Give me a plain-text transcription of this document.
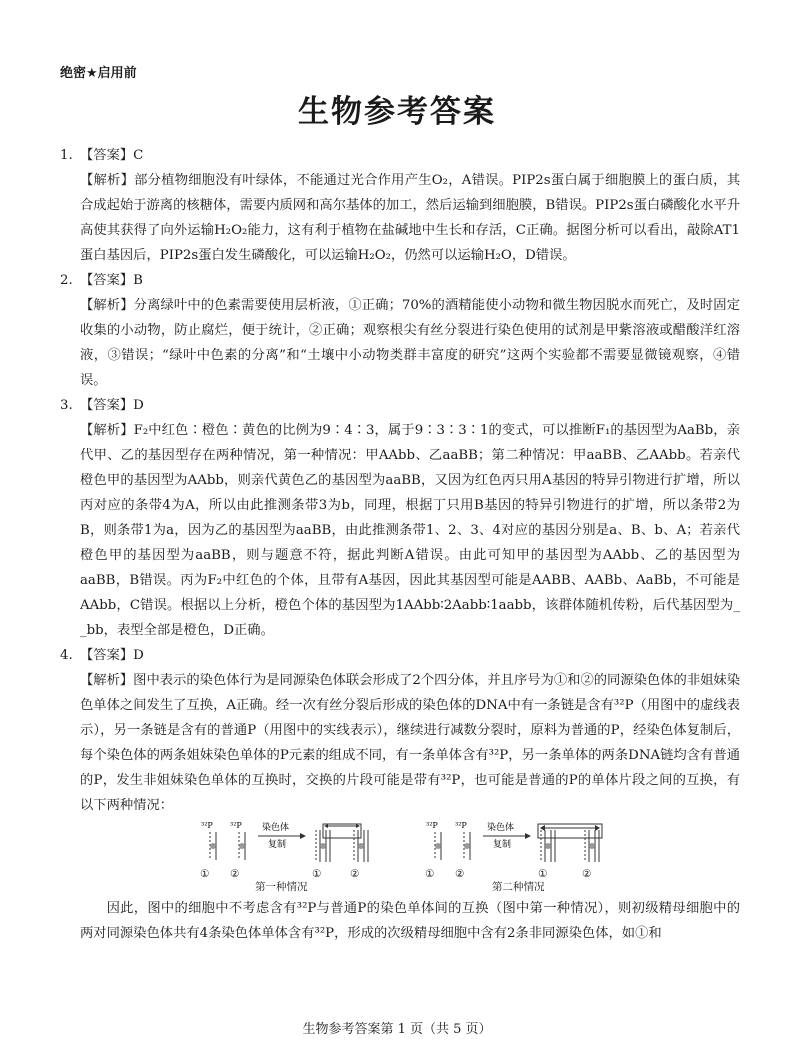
绝密★启用前
生物参考答案
1. 【答案】C
【解析】部分植物细胞没有叶绿体，不能通过光合作用产生O₂，A错误。PIP2s蛋白属于细胞膜上的蛋白质，其合成起始于游离的核糖体，需要内质网和高尔基体的加工，然后运输到细胞膜，B错误。PIP2s蛋白磷酸化水平升高使其获得了向外运输H₂O₂能力，这有利于植物在盐碱地中生长和存活，C正确。据图分析可以看出，敲除AT1蛋白基因后，PIP2s蛋白发生磷酸化，可以运输H₂O₂，仍然可以运输H₂O，D错误。
2. 【答案】B
【解析】分离绿叶中的色素需要使用层析液，①正确；70%的酒精能使小动物和微生物因脱水而死亡，及时固定收集的小动物，防止腐烂，便于统计，②正确；观察根尖有丝分裂进行染色使用的试剂是甲紫溶液或醋酸洋红溶液，③错误；“绿叶中色素的分离”和“土壤中小动物类群丰富度的研究”这两个实验都不需要显微镜观察，④错误。
3. 【答案】D
【解析】F₂中红色∶橙色∶黄色的比例为9∶4∶3，属于9∶3∶3∶1的变式，可以推断F₁的基因型为AaBb，亲代甲、乙的基因型存在两种情况，第一种情况：甲AAbb、乙aaBB；第二种情况：甲aaBB、乙AAbb。若亲代橙色甲的基因型为AAbb，则亲代黄色乙的基因型为aaBB，又因为红色丙只用A基因的特异引物进行扩增，所以丙对应的条带4为A，所以由此推测条带3为b，同理，根据丁只用B基因的特异引物进行的扩增，所以条带2为B，则条带1为a，因为乙的基因型为aaBB，由此推测条带1、2、3、4对应的基因分别是a、B、b、A；若亲代橙色甲的基因型为aaBB，则与题意不符，据此判断A错误。由此可知甲的基因型为AAbb、乙的基因型为aaBB，B错误。丙为F₂中红色的个体，且带有A基因，因此其基因型可能是AABB、AABb、AaBb，不可能是AAbb，C错误。根据以上分析，橙色个体的基因型为1AAbb∶2Aabb∶1aabb，该群体随机传粉，后代基因型为_ _bb，表型全部是橙色，D正确。
4. 【答案】D
【解析】图中表示的染色体行为是同源染色体联会形成了2个四分体，并且序号为①和②的同源染色体的非姐妹染色单体之间发生了互换，A正确。经一次有丝分裂后形成的染色体的DNA中有一条链是含有³²P（用图中的虚线表示），另一条链是含有的普通P（用图中的实线表示），继续进行减数分裂时，原料为普通的P，经染色体复制后，每个染色体的两条姐妹染色单体的P元素的组成不同，有一条单体含有³²P，另一条单体的两条DNA链均含有普通的P，发生非姐妹染色单体的互换时，交换的片段可能是带有³²P，也可能是普通的P的单体片段之间的互换，有以下两种情况：
³²P ³²P 染色体
复制
① ②	①	②
第一种情况
³²P ³²P 染色体
复制
① ②	①	②
第二种情况
因此，图中的细胞中不考虑含有³²P与普通P的染色单体间的互换（图中第一种情况），则初级精母细胞中的两对同源染色体共有4条染色体单体含有³²P，形成的次级精母细胞中含有2条非同源染色体，如①和
生物参考答案第 1 页（共 5 页）
